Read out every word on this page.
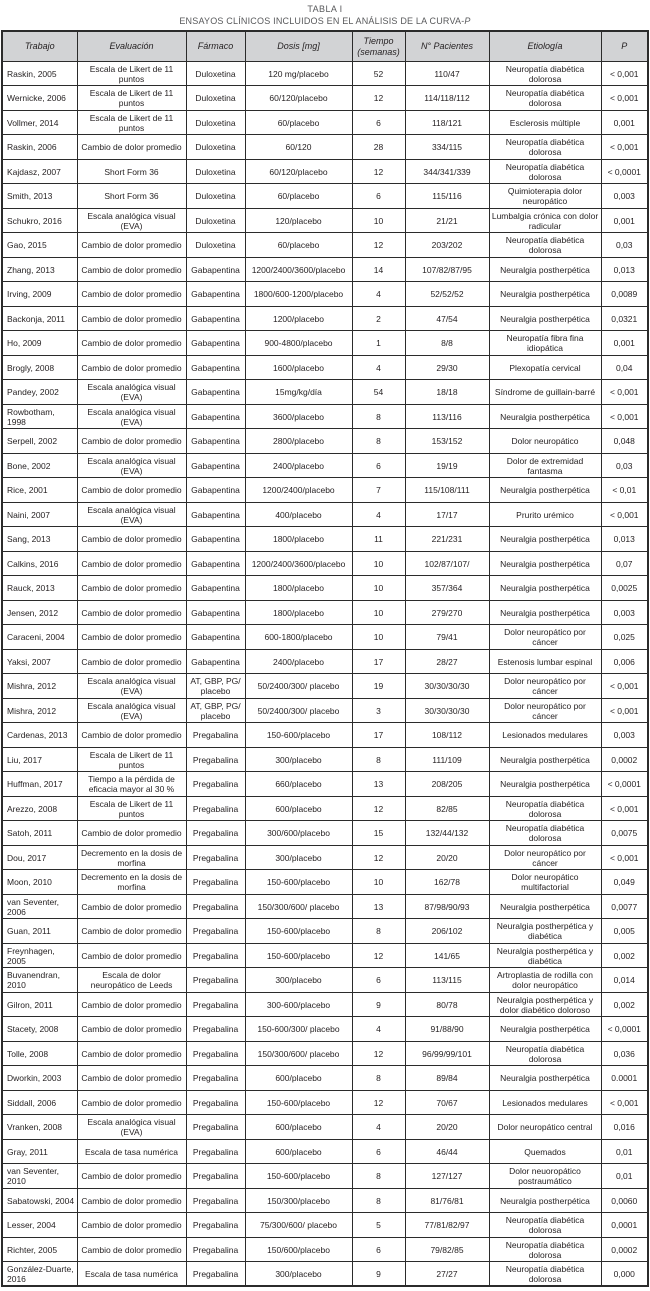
TABLA I
ENSAYOS CLÍNICOS INCLUIDOS EN EL ANÁLISIS DE LA CURVA-P
Trabajo	Evaluación	Fármaco	Dosis [mg]	Tiempo (semanas)	N° Pacientes	Etiología	P
Raskin, 2005	Escala de Likert de 11 puntos	Duloxetina	120 mg/placebo	52	110/47	Neuropatía diabética dolorosa	< 0,001
Wernicke, 2006	Escala de Likert de 11 puntos	Duloxetina	60/120/placebo	12	114/118/112	Neuropatía diabética dolorosa	< 0,001
Vollmer, 2014	Escala de Likert de 11 puntos	Duloxetina	60/placebo	6	118/121	Esclerosis múltiple	0,001
Raskin, 2006	Cambio de dolor promedio	Duloxetina	60/120	28	334/115	Neuropatía diabética dolorosa	< 0,001
Kajdasz, 2007	Short Form 36	Duloxetina	60/120/placebo	12	344/341/339	Neuropatía diabética dolorosa	< 0,0001
Smith, 2013	Short Form 36	Duloxetina	60/placebo	6	115/116	Quimioterapia dolor neuropático	0,003
Schukro, 2016	Escala analógica visual (EVA)	Duloxetina	120/placebo	10	21/21	Lumbalgia crónica con dolor radicular	0,001
Gao, 2015	Cambio de dolor promedio	Duloxetina	60/placebo	12	203/202	Neuropatía diabética dolorosa	0,03
Zhang, 2013	Cambio de dolor promedio	Gabapentina	1200/2400/3600/placebo	14	107/82/87/95	Neuralgia postherpética	0,013
Irving, 2009	Cambio de dolor promedio	Gabapentina	1800/600-1200/placebo	4	52/52/52	Neuralgia postherpética	0,0089
Backonja, 2011	Cambio de dolor promedio	Gabapentina	1200/placebo	2	47/54	Neuralgia postherpética	0,0321
Ho, 2009	Cambio de dolor promedio	Gabapentina	900-4800/placebo	1	8/8	Neuropatía fibra fina idiopática	0,001
Brogly, 2008	Cambio de dolor promedio	Gabapentina	1600/placebo	4	29/30	Plexopatía cervical	0,04
Pandey, 2002	Escala analógica visual (EVA)	Gabapentina	15mg/kg/día	54	18/18	Síndrome de guillain-barré	< 0,001
Rowbotham, 1998	Escala analógica visual (EVA)	Gabapentina	3600/placebo	8	113/116	Neuralgia postherpética	< 0,001
Serpell, 2002	Cambio de dolor promedio	Gabapentina	2800/placebo	8	153/152	Dolor neuropático	0,048
Bone, 2002	Escala analógica visual (EVA)	Gabapentina	2400/placebo	6	19/19	Dolor de extremidad fantasma	0,03
Rice, 2001	Cambio de dolor promedio	Gabapentina	1200/2400/placebo	7	115/108/111	Neuralgia postherpética	< 0,01
Naini, 2007	Escala analógica visual (EVA)	Gabapentina	400/placebo	4	17/17	Prurito urémico	< 0,001
Sang, 2013	Cambio de dolor promedio	Gabapentina	1800/placebo	11	221/231	Neuralgia postherpética	0,013
Calkins, 2016	Cambio de dolor promedio	Gabapentina	1200/2400/3600/placebo	10	102/87/107/	Neuralgia postherpética	0,07
Rauck, 2013	Cambio de dolor promedio	Gabapentina	1800/placebo	10	357/364	Neuralgia postherpética	0,0025
Jensen, 2012	Cambio de dolor promedio	Gabapentina	1800/placebo	10	279/270	Neuralgia postherpética	0,003
Caraceni, 2004	Cambio de dolor promedio	Gabapentina	600-1800/placebo	10	79/41	Dolor neuropático por cáncer	0,025
Yaksi, 2007	Cambio de dolor promedio	Gabapentina	2400/placebo	17	28/27	Estenosis lumbar espinal	0,006
Mishra, 2012	Escala analógica visual (EVA)	AT, GBP, PG/ placebo	50/2400/300/ placebo	19	30/30/30/30	Dolor neuropático por cáncer	< 0,001
Mishra, 2012	Escala analógica visual (EVA)	AT, GBP, PG/ placebo	50/2400/300/ placebo	3	30/30/30/30	Dolor neuropático por cáncer	< 0,001
Cardenas, 2013	Cambio de dolor promedio	Pregabalina	150-600/placebo	17	108/112	Lesionados medulares	0,003
Liu, 2017	Escala de Likert de 11 puntos	Pregabalina	300/placebo	8	111/109	Neuralgia postherpética	0,0002
Huffman, 2017	Tiempo a la pérdida de eficacia mayor al 30 %	Pregabalina	660/placebo	13	208/205	Neuralgia postherpética	< 0,0001
Arezzo, 2008	Escala de Likert de 11 puntos	Pregabalina	600/placebo	12	82/85	Neuropatía diabética dolorosa	< 0,001
Satoh, 2011	Cambio de dolor promedio	Pregabalina	300/600/placebo	15	132/44/132	Neuropatía diabética dolorosa	0,0075
Dou, 2017	Decremento en la dosis de morfina	Pregabalina	300/placebo	12	20/20	Dolor neuropático por cáncer	< 0,001
Moon, 2010	Decremento en la dosis de morfina	Pregabalina	150-600/placebo	10	162/78	Dolor neuropático multifactorial	0,049
van Seventer, 2006	Cambio de dolor promedio	Pregabalina	150/300/600/ placebo	13	87/98/90/93	Neuralgia postherpética	0,0077
Guan, 2011	Cambio de dolor promedio	Pregabalina	150-600/placebo	8	206/102	Neuralgia postherpética y diabética	0,005
Freynhagen, 2005	Cambio de dolor promedio	Pregabalina	150-600/placebo	12	141/65	Neuralgia postherpética y diabética	0,002
Buvanendran, 2010	Escala de dolor neuropático de Leeds	Pregabalina	300/placebo	6	113/115	Artroplastia de rodilla con dolor neuropático	0,014
Gilron, 2011	Cambio de dolor promedio	Pregabalina	300-600/placebo	9	80/78	Neuralgia postherpética y dolor diabético doloroso	0,002
Stacety, 2008	Cambio de dolor promedio	Pregabalina	150-600/300/ placebo	4	91/88/90	Neuralgia postherpética	< 0,0001
Tolle, 2008	Cambio de dolor promedio	Pregabalina	150/300/600/ placebo	12	96/99/99/101	Neuropatía diabética dolorosa	0,036
Dworkin, 2003	Cambio de dolor promedio	Pregabalina	600/placebo	8	89/84	Neuralgia postherpética	0.0001
Siddall, 2006	Cambio de dolor promedio	Pregabalina	150-600/placebo	12	70/67	Lesionados medulares	< 0,001
Vranken, 2008	Escala analógica visual (EVA)	Pregabalina	600/placebo	4	20/20	Dolor neuropático central	0,016
Gray, 2011	Escala de tasa numérica	Pregabalina	600/placebo	6	46/44	Quemados	0,01
van Seventer, 2010	Cambio de dolor promedio	Pregabalina	150-600/placebo	8	127/127	Dolor neuoropático postraumático	0,01
Sabatowski, 2004	Cambio de dolor promedio	Pregabalina	150/300/placebo	8	81/76/81	Neuralgia postherpética	0,0060
Lesser, 2004	Cambio de dolor promedio	Pregabalina	75/300/600/ placebo	5	77/81/82/97	Neuropatía diabética dolorosa	0,0001
Richter, 2005	Cambio de dolor promedio	Pregabalina	150/600/placebo	6	79/82/85	Neuropatía diabética dolorosa	0,0002
González-Duarte, 2016	Escala de tasa numérica	Pregabalina	300/placebo	9	27/27	Neuropatía diabética dolorosa	0,000
